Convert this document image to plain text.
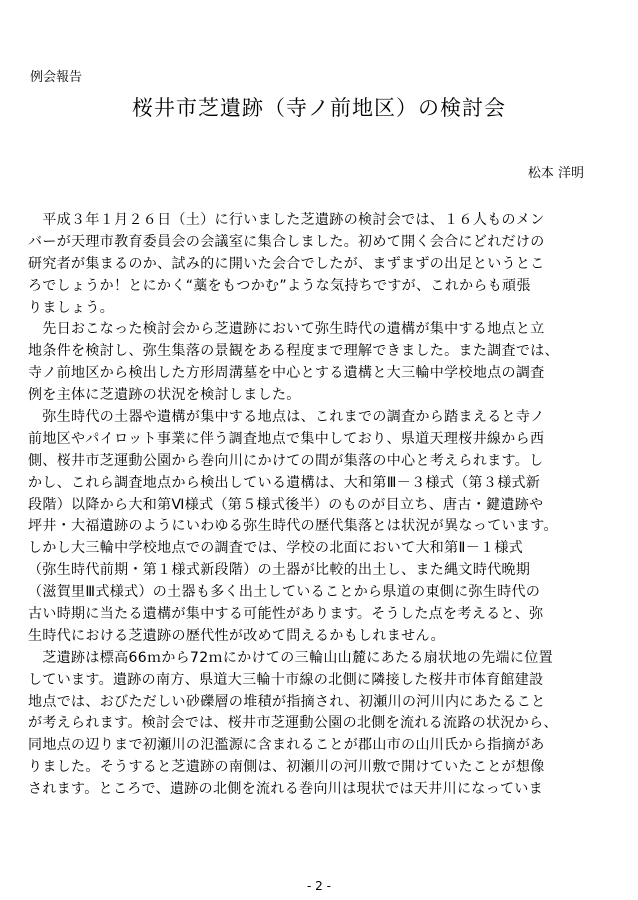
例会報告
桜井市芝遺跡（寺ノ前地区）の検討会
松本 洋明
　平成３年１月２６日（土）に行いました芝遺跡の検討会では、１６人ものメン
バーが天理市教育委員会の会議室に集合しました。初めて開く会合にどれだけの
研究者が集まるのか、試み的に開いた会合でしたが、まずまずの出足というとこ
ろでしょうか！とにかく“藁をもつかむ”ような気持ちですが、これからも頑張
りましょう。
　先日おこなった検討会から芝遺跡において弥生時代の遺構が集中する地点と立
地条件を検討し、弥生集落の景観をある程度まで理解できました。また調査では、
寺ノ前地区から検出した方形周溝墓を中心とする遺構と大三輪中学校地点の調査
例を主体に芝遺跡の状況を検討しました。
　弥生時代の土器や遺構が集中する地点は、これまでの調査から踏まえると寺ノ
前地区やパイロット事業に伴う調査地点で集中しており、県道天理桜井線から西
側、桜井市芝運動公園から巻向川にかけての間が集落の中心と考えられます。し
かし、これら調査地点から検出している遺構は、大和第Ⅲ－３様式（第３様式新
段階）以降から大和第Ⅵ様式（第５様式後半）のものが目立ち、唐古・鍵遺跡や
坪井・大福遺跡のようにいわゆる弥生時代の歴代集落とは状況が異なっています。
しかし大三輪中学校地点での調査では、学校の北面において大和第Ⅱ－１様式
（弥生時代前期・第１様式新段階）の土器が比較的出土し、また縄文時代晩期
（滋賀里Ⅲ式様式）の土器も多く出土していることから県道の東側に弥生時代の
古い時期に当たる遺構が集中する可能性があります。そうした点を考えると、弥
生時代における芝遺跡の歴代性が改めて問えるかもしれません。
　芝遺跡は標高66ｍから72ｍにかけての三輪山山麓にあたる扇状地の先端に位置
しています。遺跡の南方、県道大三輪十市線の北側に隣接した桜井市体育館建設
地点では、おびただしい砂礫層の堆積が指摘され、初瀬川の河川内にあたること
が考えられます。検討会では、桜井市芝運動公園の北側を流れる流路の状況から、
同地点の辺りまで初瀬川の氾濫源に含まれることが郡山市の山川氏から指摘があ
りました。そうすると芝遺跡の南側は、初瀬川の河川敷で開けていたことが想像
されます。ところで、遺跡の北側を流れる巻向川は現状では天井川になっていま
- 2 -
